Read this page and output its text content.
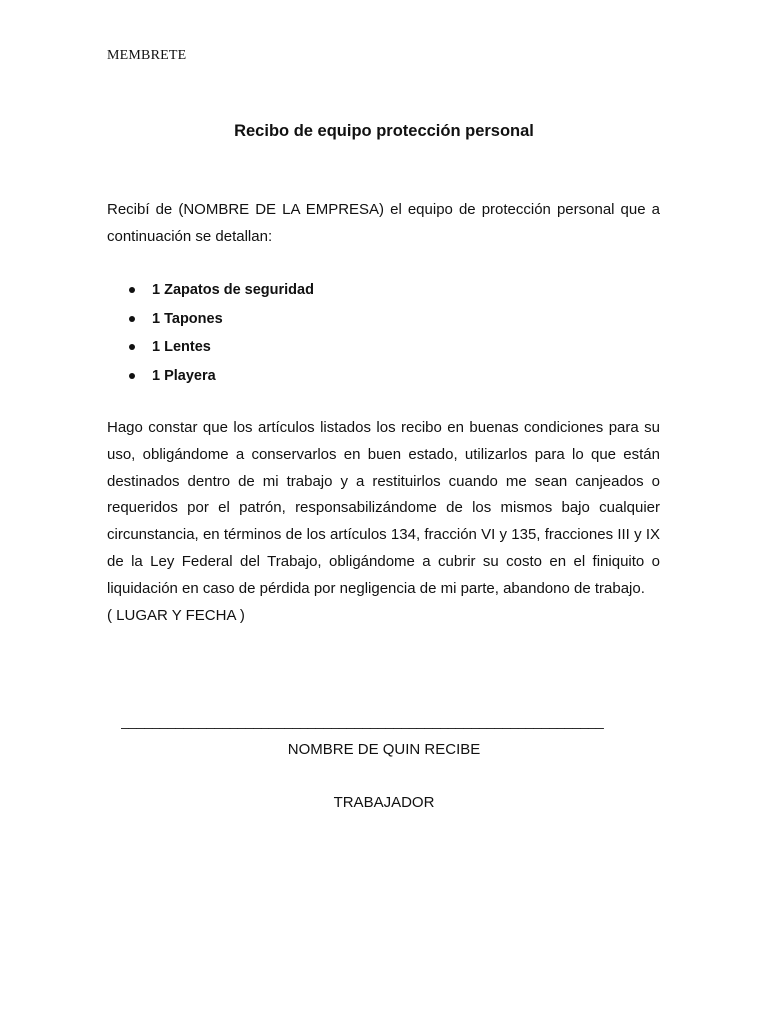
MEMBRETE

Recibo de equipo protección personal

Recibí de (NOMBRE DE LA EMPRESA) el equipo de protección personal que a continuación se detallan:

1 Zapatos de seguridad
1 Tapones
1 Lentes
1 Playera

Hago constar que los artículos listados los recibo en buenas condiciones para su uso, obligándome a conservarlos en buen estado, utilizarlos para lo que están destinados dentro de mi trabajo y a restituirlos cuando me sean canjeados o requeridos por el patrón, responsabilizándome de los mismos bajo cualquier circunstancia, en términos de los artículos 134, fracción VI y 135, fracciones III y IX de la Ley Federal del Trabajo, obligándome a cubrir su costo en el finiquito o liquidación en caso de pérdida por negligencia de mi parte, abandono de trabajo.

( LUGAR Y FECHA )

______________________________________________________________

NOMBRE DE QUIN RECIBE

TRABAJADOR
